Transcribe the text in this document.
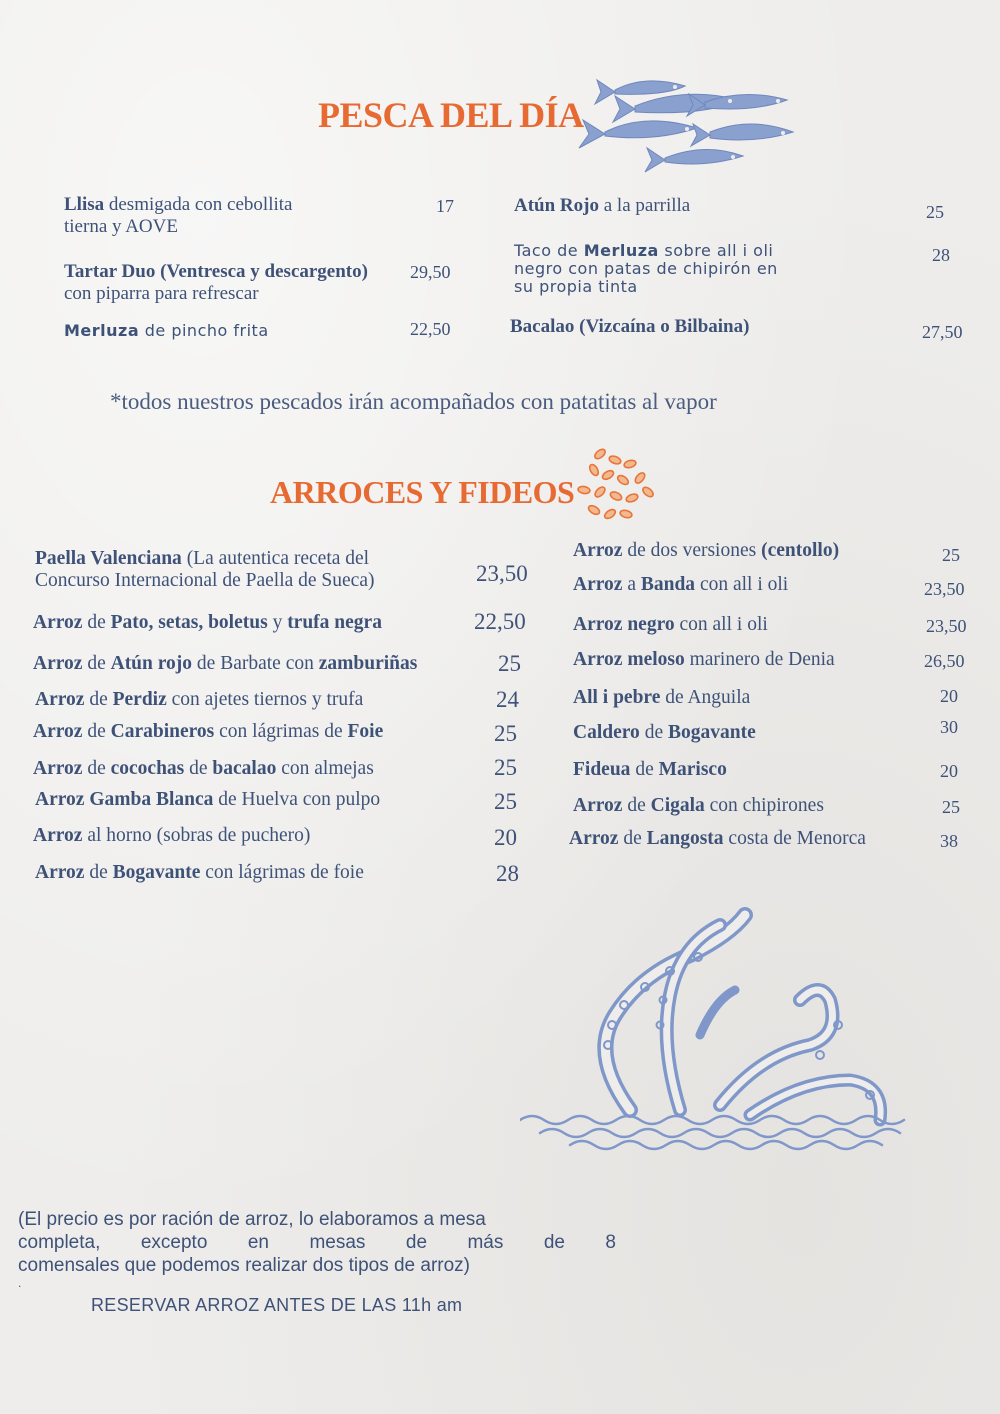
PESCA DEL DÍA
Llisa desmigada con cebollita
tierna y AOVE
17
Tartar Duo (Ventresca y descargento)
con piparra para refrescar
29,50
Merluza de pincho frita	22,50
Atún Rojo a la parrilla	25
Taco de Merluza sobre all i oli
negro con patas de chipirón en
su propia tinta
28
Bacalao (Vizcaína o Bilbaina)	27,50
*todos nuestros pescados irán acompañados con patatitas al vapor
ARROCES Y FIDEOS
Paella Valenciana (La autentica receta del
Concurso Internacional de Paella de Sueca)	23,50
Arroz de Pato, setas, boletus y trufa negra	22,50
Arroz de Atún rojo de Barbate con zamburiñas	25
Arroz de Perdiz con ajetes tiernos y trufa	24
Arroz de Carabineros con lágrimas de Foie	25
Arroz de cocochas de bacalao con almejas	25
Arroz Gamba Blanca de Huelva con pulpo	25
Arroz al horno (sobras de puchero)	20
Arroz de Bogavante con lágrimas de foie	28
Arroz de dos versiones (centollo)	25
Arroz a Banda con all i oli	23,50
Arroz negro con all i oli	23,50
Arroz meloso marinero de Denia	26,50
All i pebre de Anguila	20
Caldero de Bogavante	30
Fideua de Marisco	20
Arroz de Cigala con chipirones	25
Arroz de Langosta costa de Menorca	38
(El precio es por ración de arroz, lo elaboramos a mesa
completa, excepto en mesas de más de 8
comensales que podemos realizar dos tipos de arroz)
.
RESERVAR ARROZ ANTES DE LAS 11h am
